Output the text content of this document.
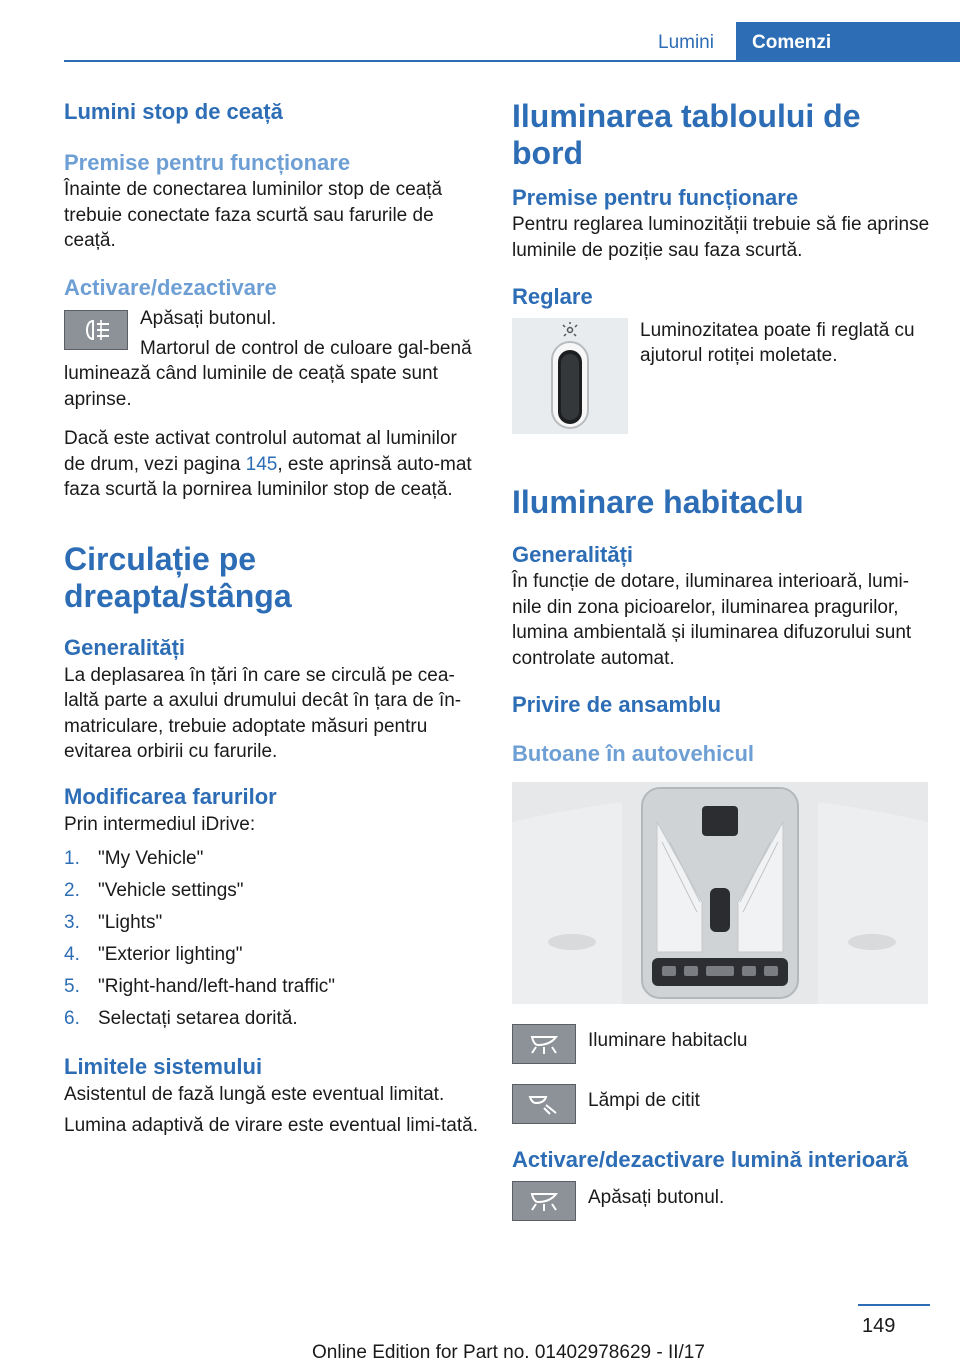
Lumini	Comenzi
Lumini stop de ceață
Premise pentru funcționare

Înainte de conectarea luminilor stop de ceață trebuie conectate faza scurtă sau farurile de ceață.

Activare/dezactivare

Apăsați butonul.

Martorul de control de culoare gal-benă luminează când luminile de ceață spate sunt aprinse.

Dacă este activat controlul automat al luminilor de drum, vezi pagina 145, este aprinsă auto-mat faza scurtă la pornirea luminilor stop de ceață.

Circulație pe dreapta/stânga
Generalități

La deplasarea în țări în care se circulă pe cea-laltă parte a axului drumului decât în țara de în-matriculare, trebuie adoptate măsuri pentru evitarea orbirii cu farurile.

Modificarea farurilor

Prin intermediul iDrive:

1. "My Vehicle"
2. "Vehicle settings"
3. "Lights"
4. "Exterior lighting"
5. "Right-hand/left-hand traffic"
6. Selectați setarea dorită.
Limitele sistemului

Asistentul de fază lungă este eventual limitat.

Lumina adaptivă de virare este eventual limi-tată.

Iluminarea tabloului de bord
Premise pentru funcționare

Pentru reglarea luminozității trebuie să fie aprinse luminile de poziție sau faza scurtă.

Reglare

Luminozitatea poate fi reglată cu ajutorul rotiței moletate.

Iluminare habitaclu
Generalități

În funcție de dotare, iluminarea interioară, lumi-nile din zona picioarelor, iluminarea pragurilor, lumina ambientală și iluminarea difuzorului sunt controlate automat.

Privire de ansamblu
Butoane în autovehicul

Iluminare habitaclu

Lămpi de citit

Activare/dezactivare lumină interioară

Apăsați butonul.

149
Online Edition for Part no. 01402978629 - II/17
